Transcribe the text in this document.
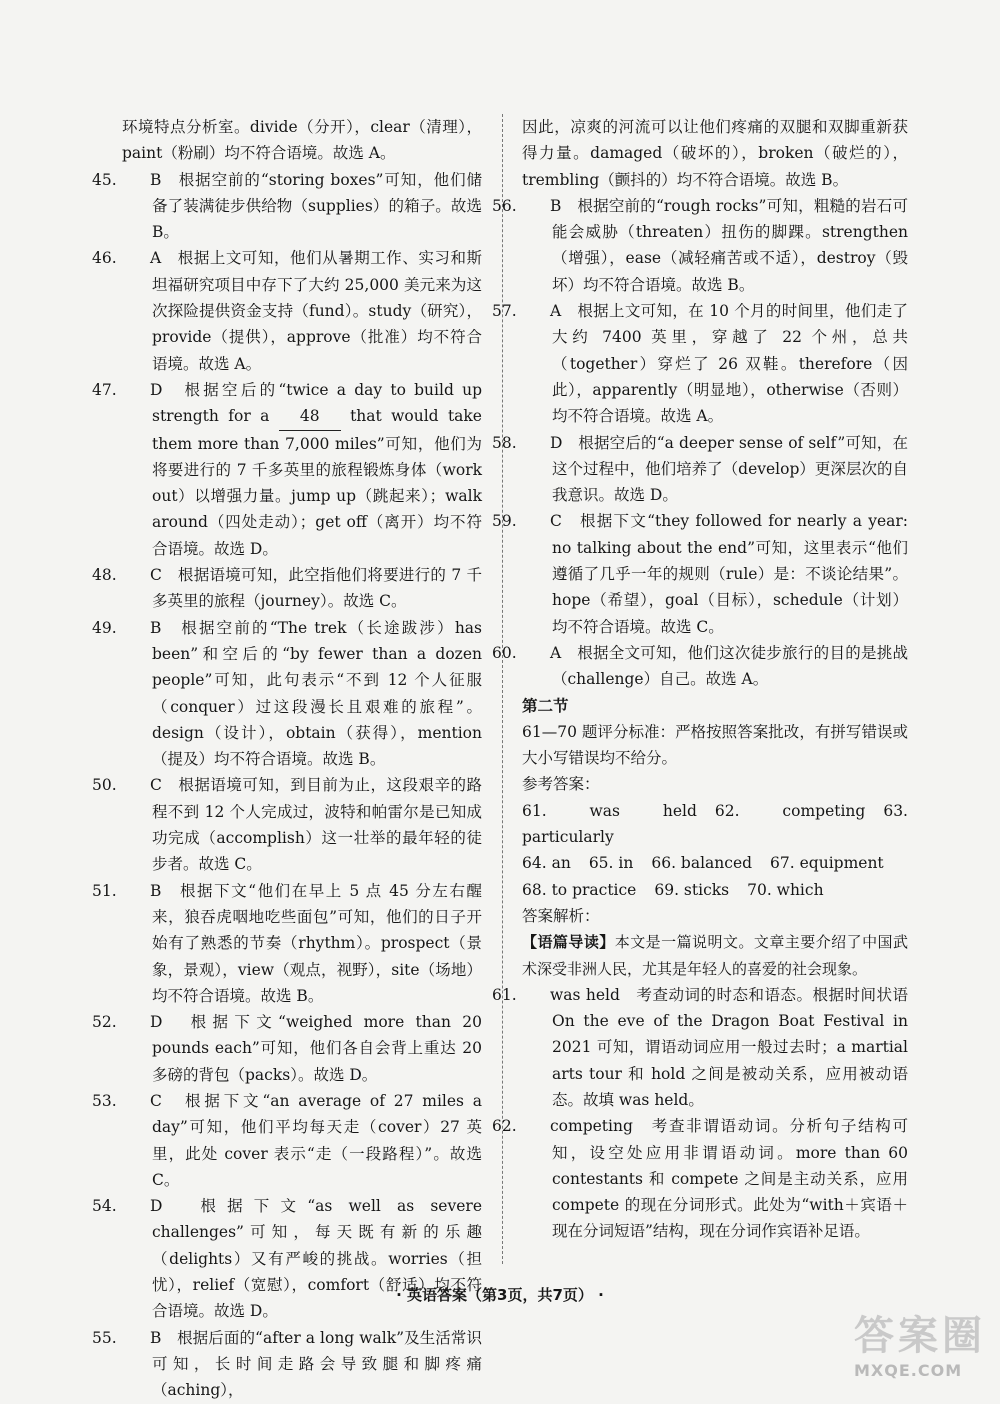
环境特点分析室。divide（分开），clear（清理），paint（粉刷）均不符合语境。故选 A。

45. B　根据空前的“storing boxes”可知，他们储备了装满徒步供给物（supplies）的箱子。故选 B。

46. A　根据上文可知，他们从暑期工作、实习和斯坦福研究项目中存下了大约 25,000 美元来为这次探险提供资金支持（fund）。study（研究），provide（提供），approve（批准）均不符合语境。故选 A。

47. D　根据空后的“twice a day to build up strength for a 48 that would take them more than 7,000 miles”可知，他们为将要进行的 7 千多英里的旅程锻炼身体（work out）以增强力量。jump up（跳起来）；walk around（四处走动）；get off（离开）均不符合语境。故选 D。

48. C　根据语境可知，此空指他们将要进行的 7 千多英里的旅程（journey）。故选 C。

49. B　根据空前的“The trek（长途跋涉）has been”和空后的“by fewer than a dozen people”可知，此句表示“不到 12 个人征服（conquer）过这段漫长且艰难的旅程”。design（设计），obtain（获得），mention（提及）均不符合语境。故选 B。

50. C　根据语境可知，到目前为止，这段艰辛的路程不到 12 个人完成过，波特和帕雷尔是已知成功完成（accomplish）这一壮举的最年轻的徒步者。故选 C。

51. B　根据下文“他们在早上 5 点 45 分左右醒来，狼吞虎咽地吃些面包”可知，他们的日子开始有了熟悉的节奏（rhythm）。prospect（景象，景观），view（观点，视野），site（场地）均不符合语境。故选 B。

52. D　根据下文“weighed more than 20 pounds each”可知，他们各自会背上重达 20 多磅的背包（packs）。故选 D。

53. C　根据下文“an average of 27 miles a day”可知，他们平均每天走（cover）27 英里，此处 cover 表示“走（一段路程）”。故选 C。

54. D　根据下文“as well as severe challenges”可知，每天既有新的乐趣（delights）又有严峻的挑战。worries（担忧），relief（宽慰），comfort（舒适）均不符合语境。故选 D。

55. B　根据后面的“after a long walk”及生活常识可知，长时间走路会导致腿和脚疼痛（aching），

因此，凉爽的河流可以让他们疼痛的双腿和双脚重新获得力量。damaged（破坏的），broken（破烂的），trembling（颤抖的）均不符合语境。故选 B。

56. B　根据空前的“rough rocks”可知，粗糙的岩石可能会威胁（threaten）扭伤的脚踝。strengthen（增强），ease（减轻痛苦或不适），destroy（毁坏）均不符合语境。故选 B。

57. A　根据上文可知，在 10 个月的时间里，他们走了大约 7400 英里，穿越了 22 个州，总共（together）穿烂了 26 双鞋。therefore（因此），apparently（明显地），otherwise（否则）均不符合语境。故选 A。

58. D　根据空后的“a deeper sense of self”可知，在这个过程中，他们培养了（develop）更深层次的自我意识。故选 D。

59. C　根据下文“they followed for nearly a year: no talking about the end”可知，这里表示“他们遵循了几乎一年的规则（rule）是：不谈论结果”。hope（希望），goal（目标），schedule（计划）均不符合语境。故选 C。

60. A　根据全文可知，他们这次徒步旅行的目的是挑战（challenge）自己。故选 A。

第二节

61—70 题评分标准：严格按照答案批改，有拼写错误或大小写错误均不给分。

参考答案：

61. was held 62. competing 63. particularly

64. an 65. in 66. balanced 67. equipment

68. to practice 69. sticks 70. which

答案解析：

【语篇导读】本文是一篇说明文。文章主要介绍了中国武术深受非洲人民，尤其是年轻人的喜爱的社会现象。

61. was held　考查动词的时态和语态。根据时间状语 On the eve of the Dragon Boat Festival in 2021 可知，谓语动词应用一般过去时；a martial arts tour 和 hold 之间是被动关系，应用被动语态。故填 was held。

62. competing　考查非谓语动词。分析句子结构可知，设空处应用非谓语动词。more than 60 contestants 和 compete 之间是主动关系，应用 compete 的现在分词形式。此处为“with＋宾语＋现在分词短语”结构，现在分词作宾语补足语。

· 英语答案（第3页，共7页） ·
答案圈
MXQE.COM
